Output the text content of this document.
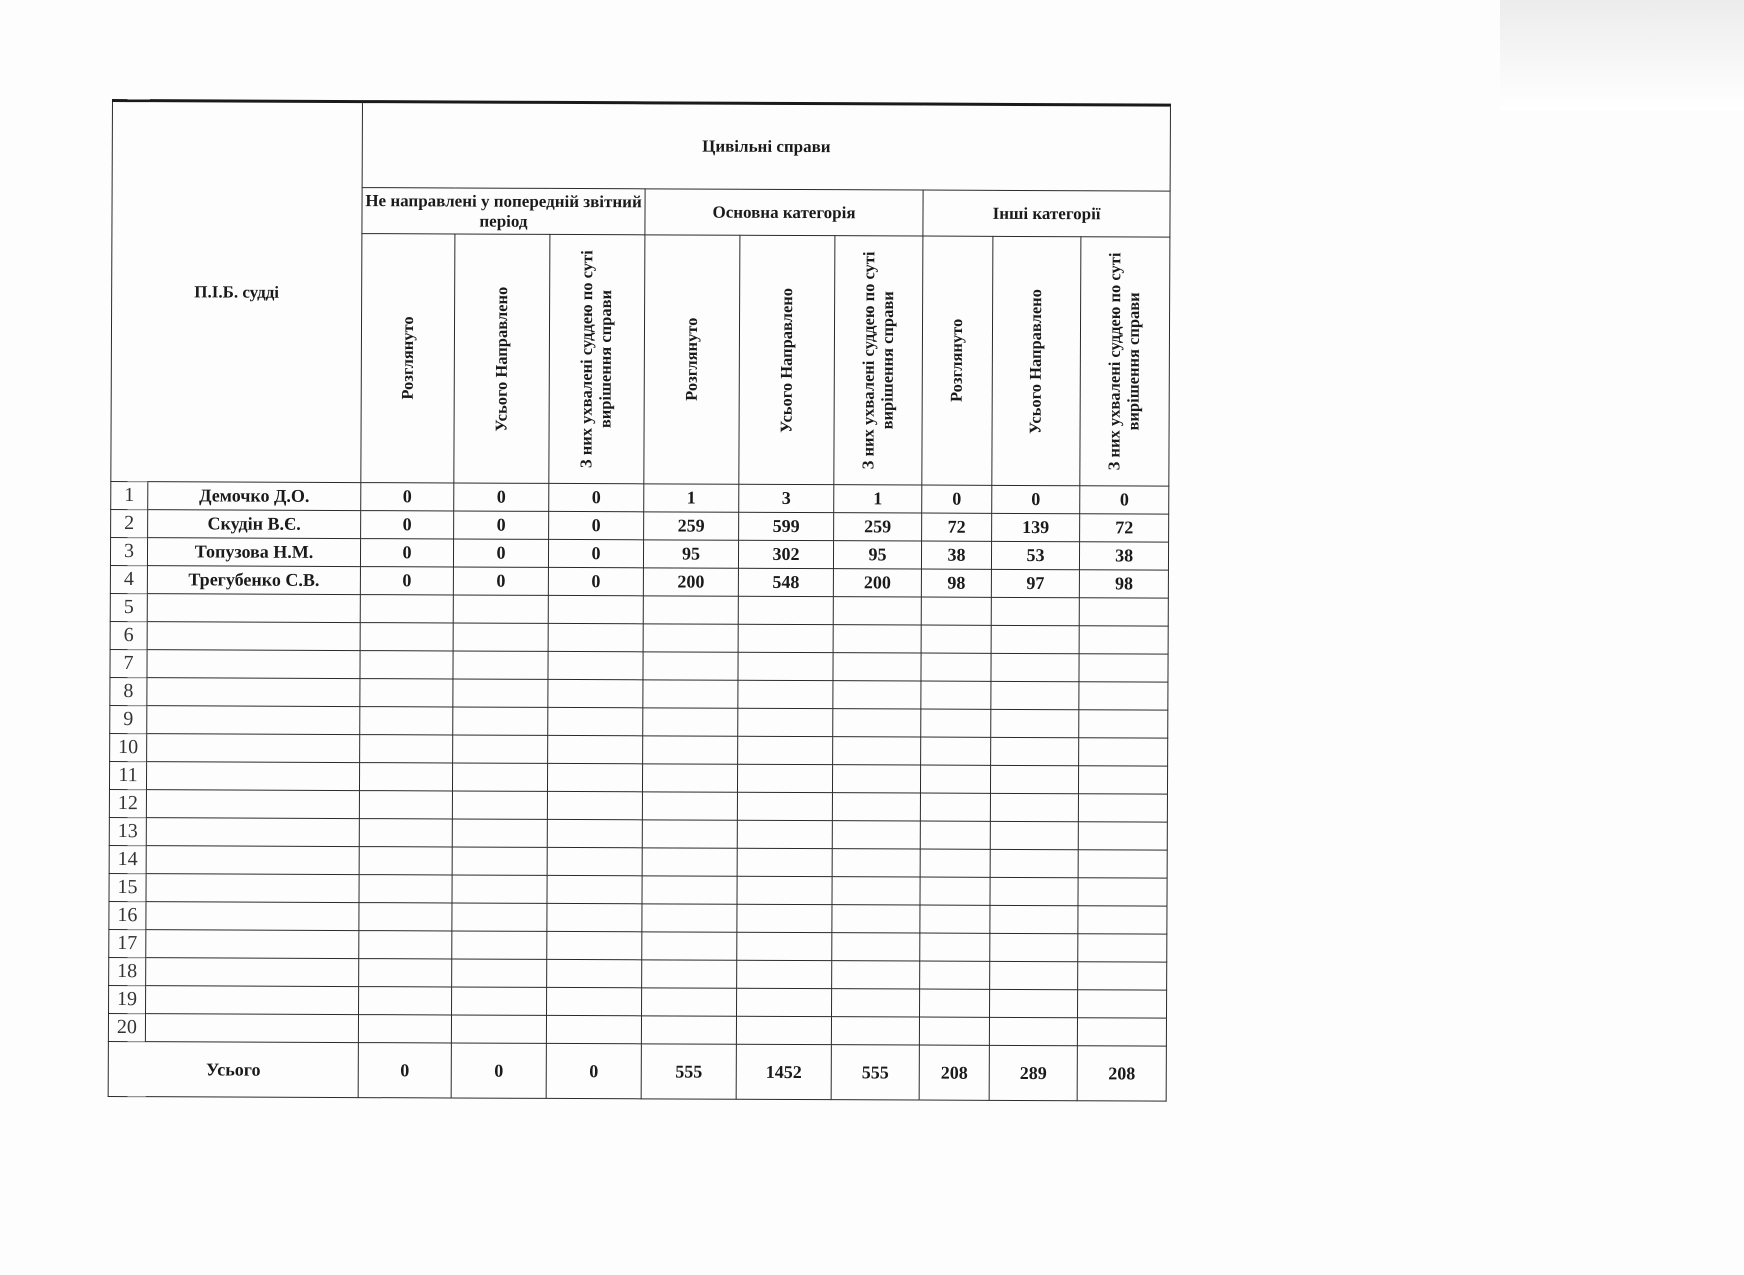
П.І.Б. судді		Цивільні справи								
		Не направлені у попередній звітний період			Основна категорія			Інші категорії		

		Розглянуто	Усього Направлено	З них ухвалені суддею по суті вирішення справи	Розглянуто	Усього Направлено	З них ухвалені суддею по суті вирішення справи	Розглянуто	Усього Направлено	З них ухвалені суддею по суті вирішення справи

1	Демочко Д.О.	0	0	0	1	3	1	0	0	0
2	Скудін В.Є.	0	0	0	259	599	259	72	139	72
3	Топузова Н.М.	0	0	0	95	302	95	38	53	38
4	Трегубенко С.В.	0	0	0	200	548	200	98	97	98
5										
6										
7										
8										
9										
10										
11										
12										
13										
14										
15										
16										
17										
18										
19										
20										
Усього		0	0	0	555	1452	555	208	289	208
